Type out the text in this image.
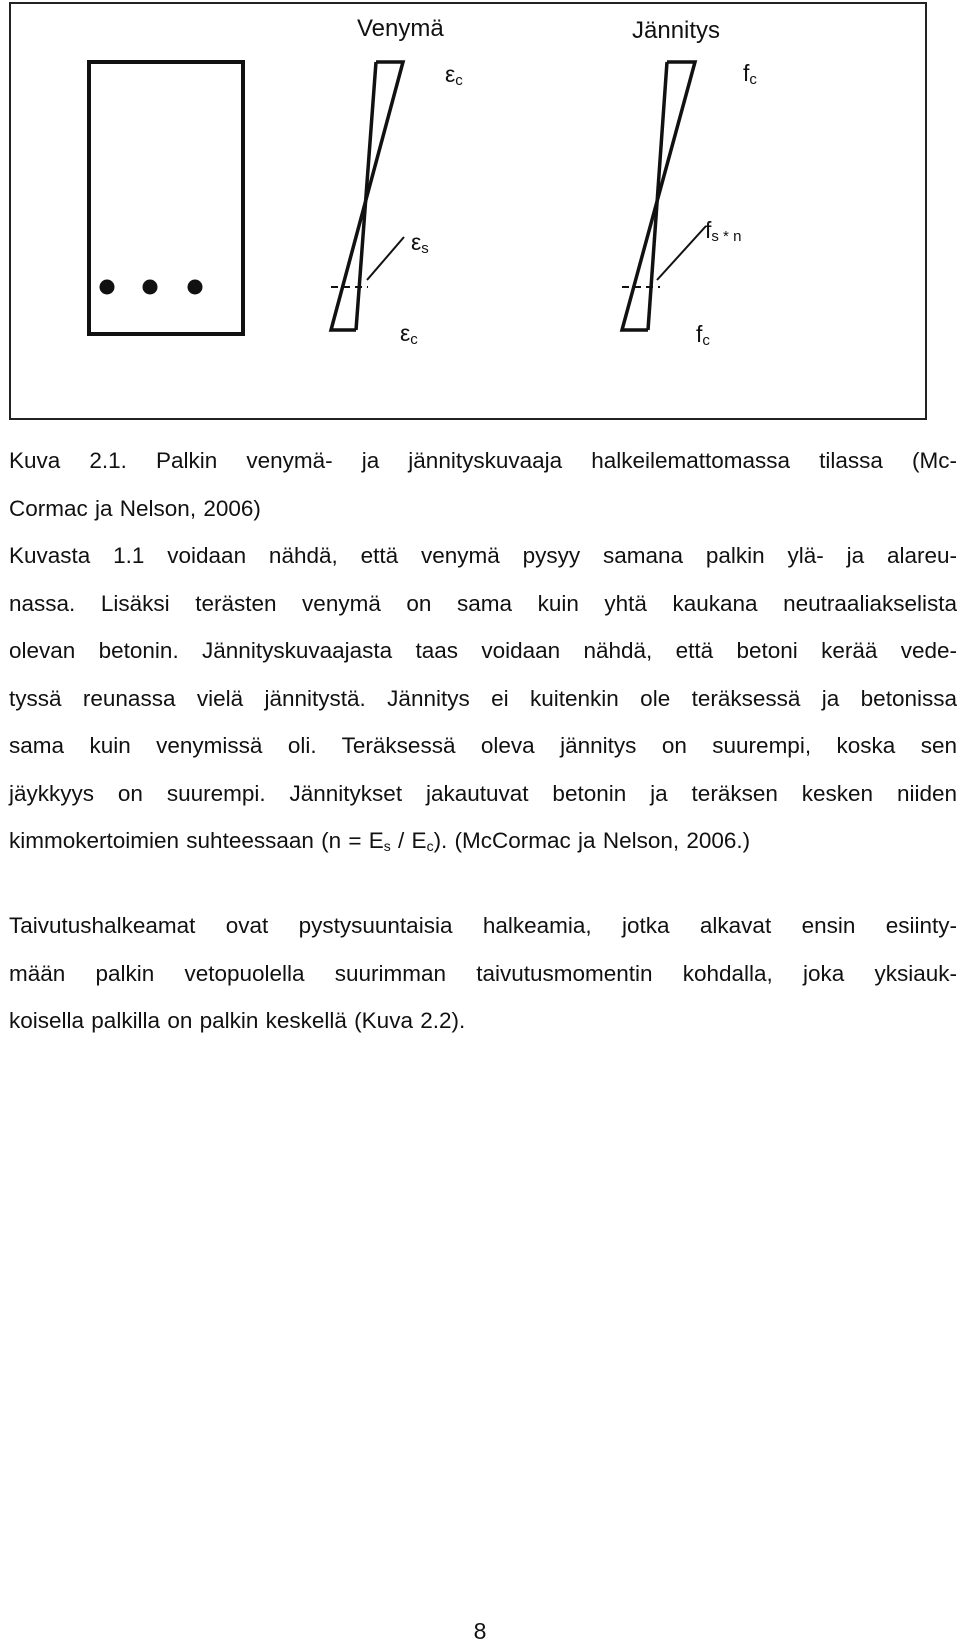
Venymä	Jännitys
$\varepsilon_c$
$\varepsilon_s$
$\varepsilon_c$
$f_c$
$f_{s * n}$
$f_c$
Kuva 2.1. Palkin venymä- ja jännityskuvaaja halkeilemattomassa tilassa (Mc-
Cormac ja Nelson, 2006)
Kuvasta 1.1 voidaan nähdä, että venymä pysyy samana palkin ylä- ja alareu-
nassa. Lisäksi terästen venymä on sama kuin yhtä kaukana neutraaliakselista
olevan betonin. Jännityskuvaajasta taas voidaan nähdä, että betoni kerää vede-
tyssä reunassa vielä jännitystä. Jännitys ei kuitenkin ole teräksessä ja betonissa
sama kuin venymissä oli. Teräksessä oleva jännitys on suurempi, koska sen
jäykkyys on suurempi. Jännitykset jakautuvat betonin ja teräksen kesken niiden
kimmokertoimien suhteessaan $(n = E_s / E_c)$. (McCormac ja Nelson, 2006.)
Taivutushalkeamat ovat pystysuuntaisia halkeamia, jotka alkavat ensin esiinty-
mään palkin vetopuolella suurimman taivutusmomentin kohdalla, joka yksiauk-
koisella palkilla on palkin keskellä (Kuva 2.2).
8
